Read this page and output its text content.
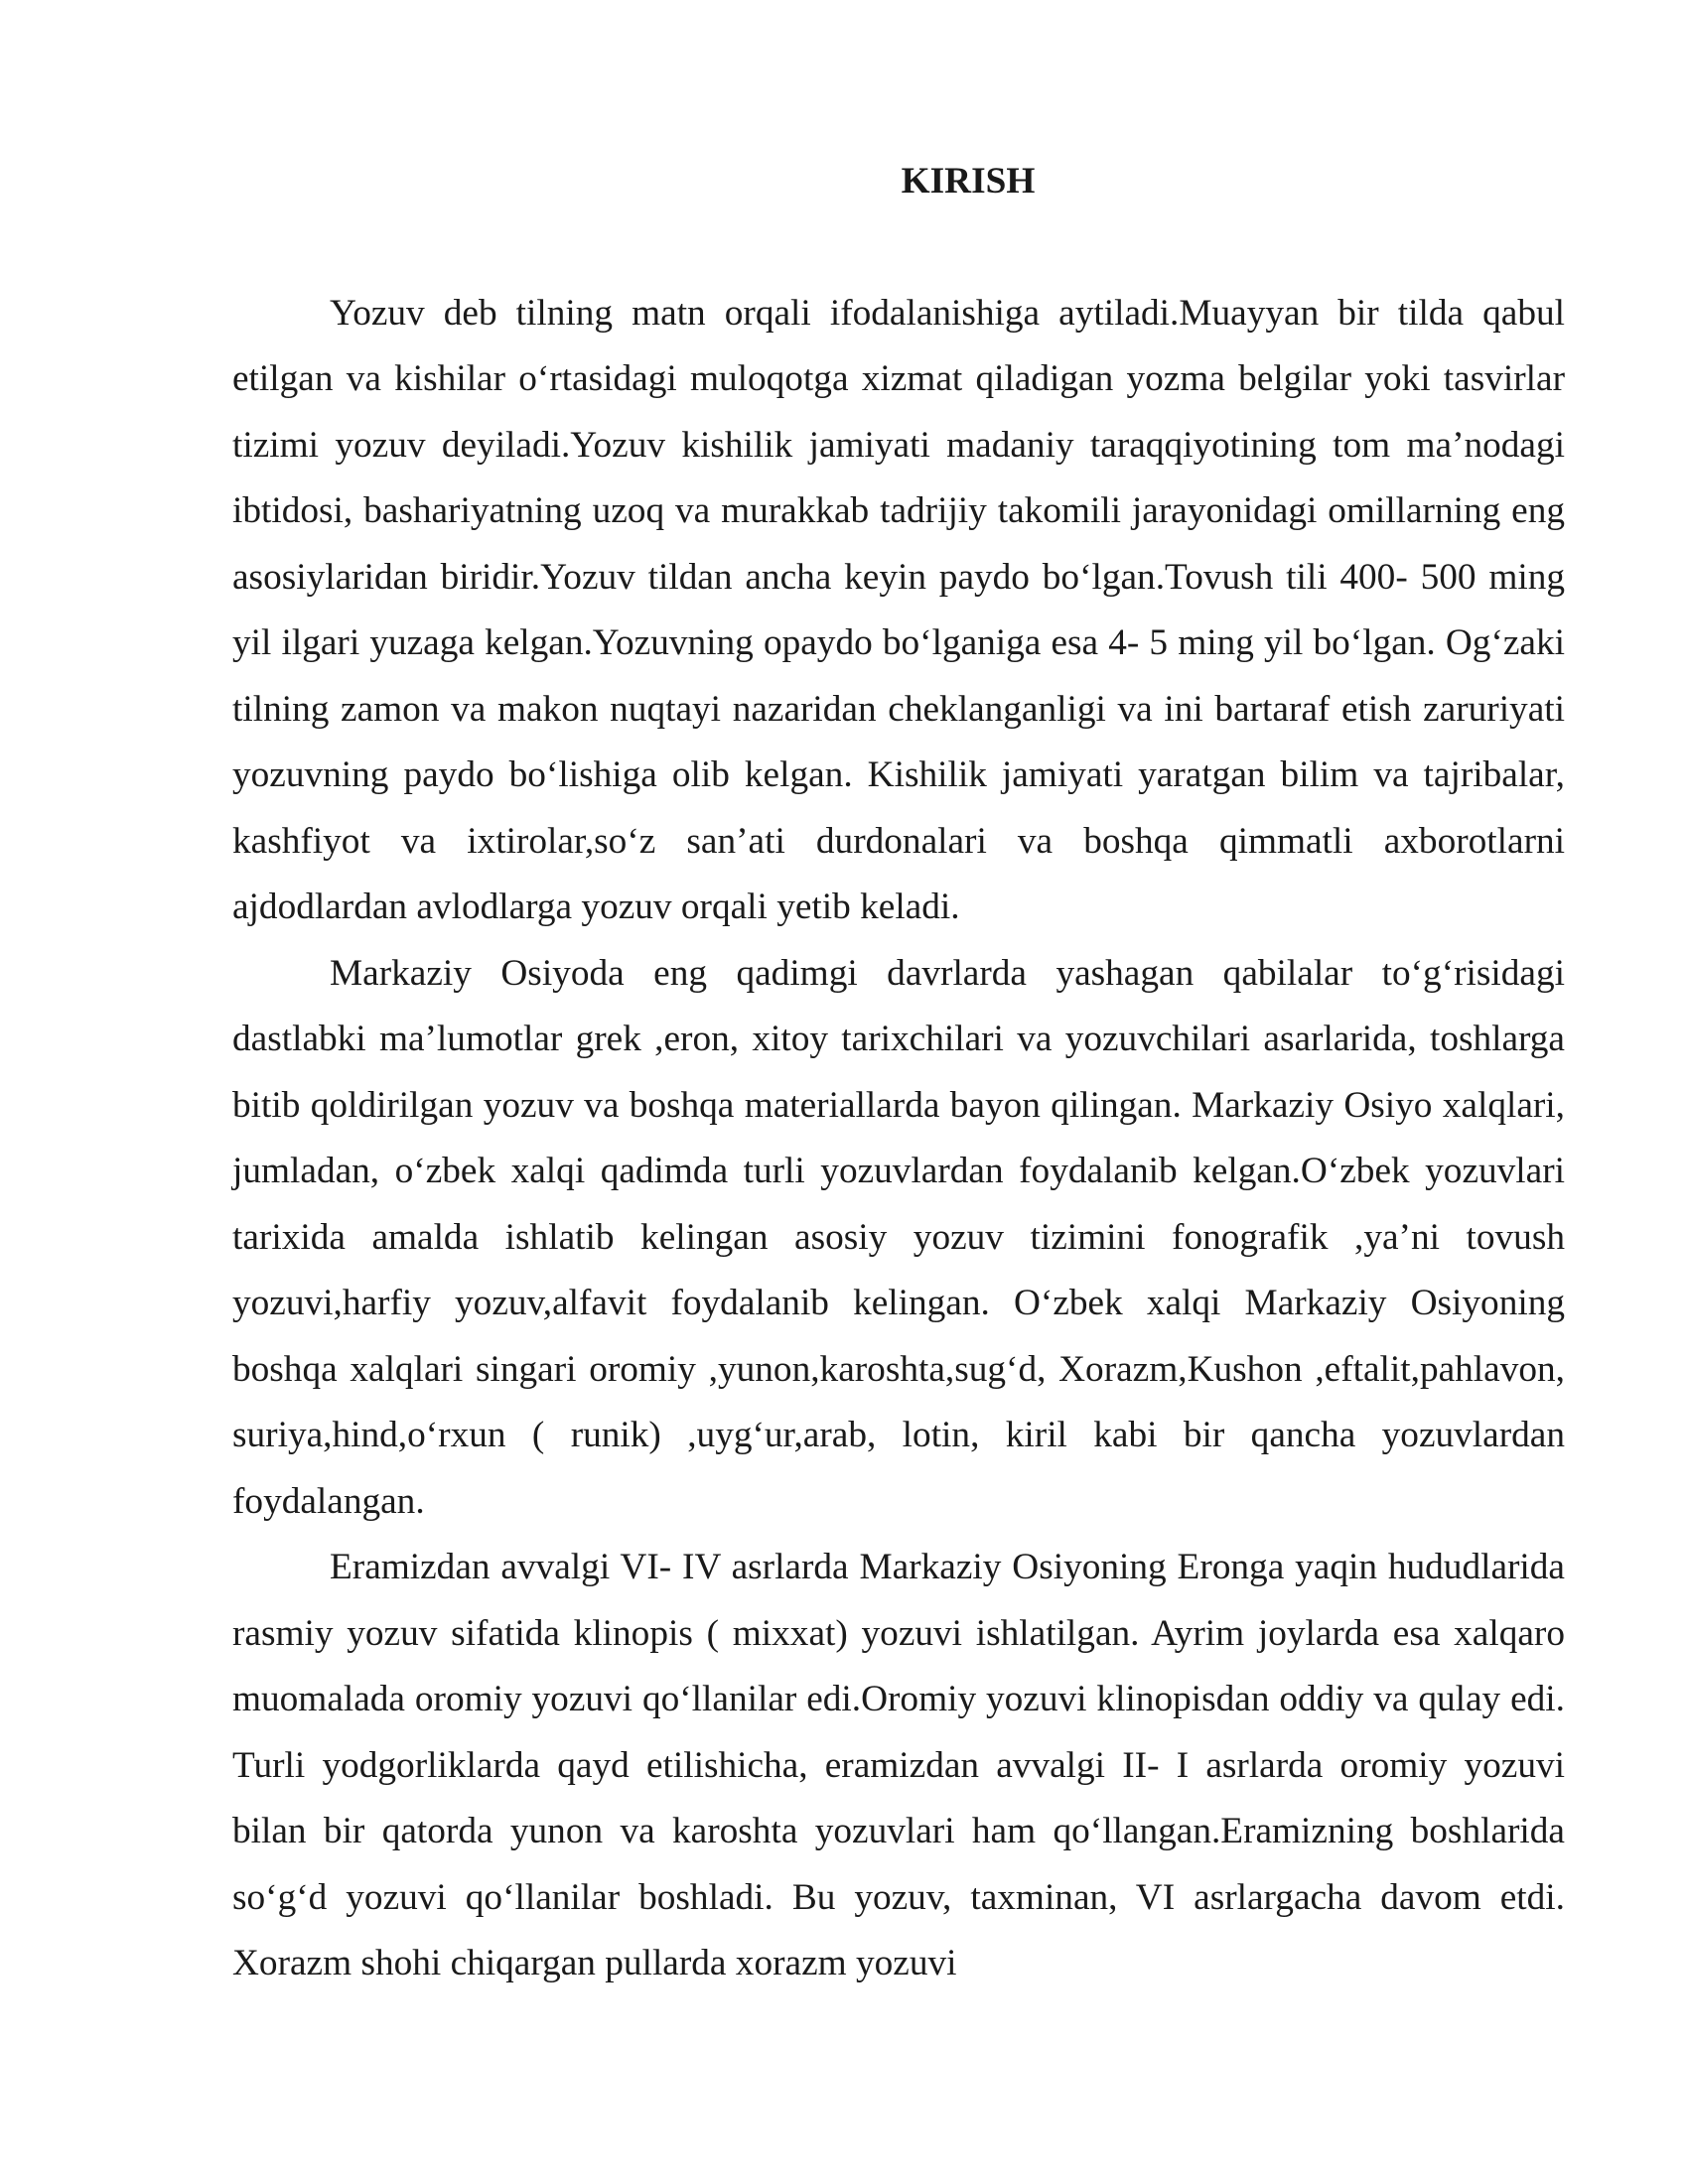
KIRISH

Yozuv deb tilning matn orqali ifodalanishiga aytiladi.Muayyan bir tilda qabul etilgan va kishilar o‘rtasidagi muloqotga xizmat qiladigan yozma belgilar yoki tasvirlar tizimi yozuv deyiladi.Yozuv kishilik jamiyati madaniy taraqqiyotining tom ma’nodagi ibtidosi, bashariyatning uzoq va murakkab tadrijiy takomili jarayonidagi omillarning eng asosiylaridan biridir.Yozuv tildan ancha keyin paydo bo‘lgan.Tovush tili 400- 500 ming yil ilgari yuzaga kelgan.Yozuvning opaydo bo‘lganiga esa 4- 5 ming yil bo‘lgan. Og‘zaki tilning zamon va makon nuqtayi nazaridan cheklanganligi va ini bartaraf etish zaruriyati yozuvning paydo bo‘lishiga olib kelgan. Kishilik jamiyati yaratgan bilim va tajribalar, kashfiyot va ixtirolar,so‘z san’ati durdonalari va boshqa qimmatli axborotlarni ajdodlardan avlodlarga yozuv orqali yetib keladi.

Markaziy Osiyoda eng qadimgi davrlarda yashagan qabilalar to‘g‘risidagi dastlabki ma’lumotlar grek ,eron, xitoy tarixchilari va yozuvchilari asarlarida, toshlarga bitib qoldirilgan yozuv va boshqa materiallarda bayon qilingan. Markaziy Osiyo xalqlari, jumladan, o‘zbek xalqi qadimda turli yozuvlardan foydalanib kelgan.O‘zbek yozuvlari tarixida amalda ishlatib kelingan asosiy yozuv tizimini fonografik ,ya’ni tovush yozuvi,harfiy yozuv,alfavit foydalanib kelingan. O‘zbek xalqi Markaziy Osiyoning boshqa xalqlari singari oromiy ,yunon,karoshta,sug‘d, Xorazm,Kushon ,eftalit,pahlavon, suriya,hind,o‘rxun ( runik) ,uyg‘ur,arab, lotin, kiril kabi bir qancha yozuvlardan foydalangan.

Eramizdan avvalgi VI- IV asrlarda Markaziy Osiyoning Eronga yaqin hududlarida rasmiy yozuv sifatida klinopis ( mixxat) yozuvi ishlatilgan. Ayrim joylarda esa xalqaro muomalada oromiy yozuvi qo‘llanilar edi.Oromiy yozuvi klinopisdan oddiy va qulay edi. Turli yodgorliklarda qayd etilishicha, eramizdan avvalgi II- I asrlarda oromiy yozuvi bilan bir qatorda yunon va karoshta yozuvlari ham qo‘llangan.Eramizning boshlarida so‘g‘d yozuvi qo‘llanilar boshladi. Bu yozuv, taxminan, VI asrlargacha davom etdi. Xorazm shohi chiqargan pullarda xorazm yozuvi
